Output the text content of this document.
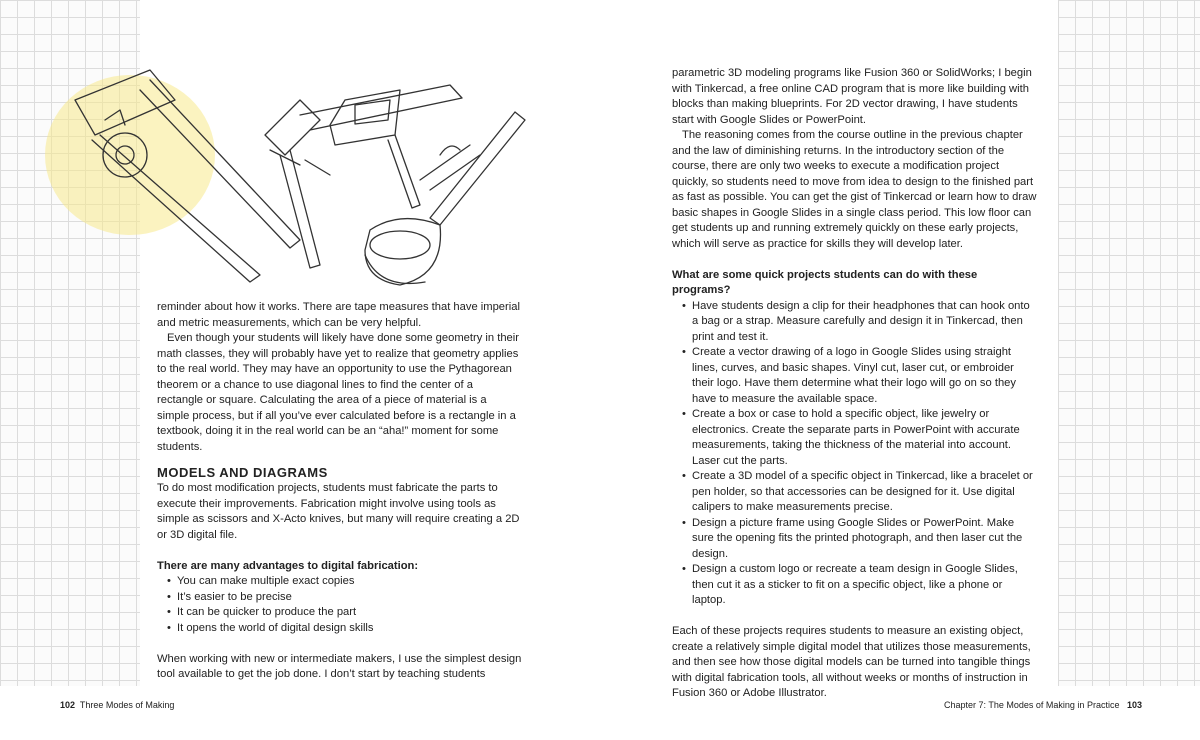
reminder about how it works. There are tape measures that have imperial and metric measurements, which can be very helpful.

Even though your students will likely have done some geometry in their math classes, they will probably have yet to realize that geometry applies to the real world. They may have an opportunity to use the Pythagorean theorem or a chance to use diagonal lines to find the center of a rectangle or square. Calculating the area of a piece of material is a simple process, but if all you’ve ever calculated before is a rectangle in a textbook, doing it in the real world can be an “aha!” moment for some students.

MODELS AND DIAGRAMS

To do most modification projects, students must fabricate the parts to execute their improvements. Fabrication might involve using tools as simple as scissors and X-Acto knives, but many will require creating a 2D or 3D digital file.

There are many advantages to digital fabrication:

• You can make multiple exact copies
• It’s easier to be precise
• It can be quicker to produce the part
• It opens the world of digital design skills

When working with new or intermediate makers, I use the simplest design tool available to get the job done. I don’t start by teaching students

parametric 3D modeling programs like Fusion 360 or SolidWorks; I begin with Tinkercad, a free online CAD program that is more like building with blocks than making blueprints. For 2D vector drawing, I have students start with Google Slides or PowerPoint.

The reasoning comes from the course outline in the previous chapter and the law of diminishing returns. In the introductory section of the course, there are only two weeks to execute a modification project quickly, so students need to move from idea to design to the finished part as fast as possible. You can get the gist of Tinkercad or learn how to draw basic shapes in Google Slides in a single class period. This low floor can get students up and running extremely quickly on these early projects, which will serve as practice for skills they will develop later.

What are some quick projects students can do with these programs?

• Have students design a clip for their headphones that can hook onto a bag or a strap. Measure carefully and design it in Tinkercad, then print and test it.
• Create a vector drawing of a logo in Google Slides using straight lines, curves, and basic shapes. Vinyl cut, laser cut, or embroider their logo. Have them determine what their logo will go on so they have to measure the available space.
• Create a box or case to hold a specific object, like jewelry or electronics. Create the separate parts in PowerPoint with accurate measurements, taking the thickness of the material into account. Laser cut the parts.
• Create a 3D model of a specific object in Tinkercad, like a bracelet or pen holder, so that accessories can be designed for it. Use digital calipers to make measurements precise.
• Design a picture frame using Google Slides or PowerPoint. Make sure the opening fits the printed photograph, and then laser cut the design.
• Design a custom logo or recreate a team design in Google Slides, then cut it as a sticker to fit on a specific object, like a phone or laptop.

Each of these projects requires students to measure an existing object, create a relatively simple digital model that utilizes those measurements, and then see how those digital models can be turned into tangible things with digital fabrication tools, all without weeks or months of instruction in Fusion 360 or Adobe Illustrator.

102 Three Modes of Making	Chapter 7: The Modes of Making in Practice 103
